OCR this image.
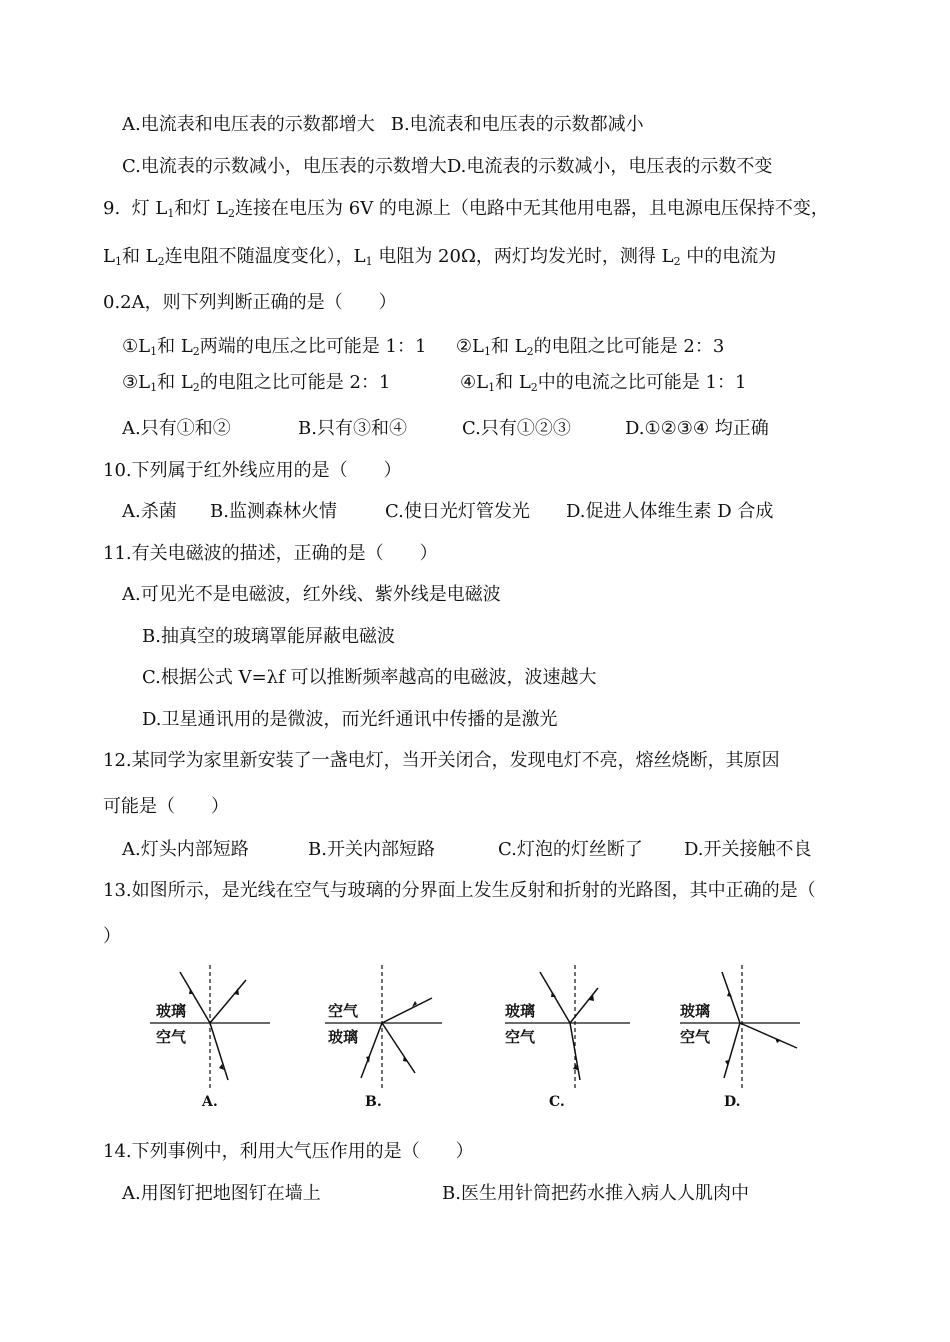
A.电流表和电压表的示数都增大 B.电流表和电压表的示数都减小
C.电流表的示数减小，电压表的示数增大D.电流表的示数减小，电压表的示数不变
9. 灯 $L_1$和灯 $L_2$连接在电压为 6V 的电源上（电路中无其他用电器，且电源电压保持不变，
$L_1$和 $L_2$连电阻不随温度变化），$L_1$ 电阻为 20Ω，两灯均发光时，测得 $L_2$ 中的电流为
0.2A，则下列判断正确的是（　　）
$①L_1$和 $L_2$两端的电压之比可能是 1：1 $②L_1$和 $L_2$的电阻之比可能是 2：3
$③L_1$和 $L_2$的电阻之比可能是 2：1	$④L_1$和 $L_2$中的电流之比可能是 1：1
A.只有①和②	B.只有③和④	C.只有①②③	D.①②③④ 均正确
10.下列属于红外线应用的是（　　）
A.杀菌 B.监测森林火情	C.使日光灯管发光 D.促进人体维生素 D 合成
11.有关电磁波的描述，正确的是（　　）
A.可见光不是电磁波，红外线、紫外线是电磁波
B.抽真空的玻璃罩能屏蔽电磁波
C.根据公式 V=λf 可以推断频率越高的电磁波，波速越大
D.卫星通讯用的是微波，而光纤通讯中传播的是激光
12.某同学为家里新安装了一盏电灯，当开关闭合，发现电灯不亮，熔丝烧断，其原因
可能是（　　）
A.灯头内部短路	B.开关内部短路	C.灯泡的灯丝断了 D.开关接触不良
13.如图所示，是光线在空气与玻璃的分界面上发生反射和折射的光路图，其中正确的是（
）
玻璃
空气
A.
空气
玻璃
B.
玻璃
空气
C.
玻璃
空气
D.
14.下列事例中，利用大气压作用的是（　　）
A.用图钉把地图钉在墙上	B.医生用针筒把药水推入病人人肌肉中
